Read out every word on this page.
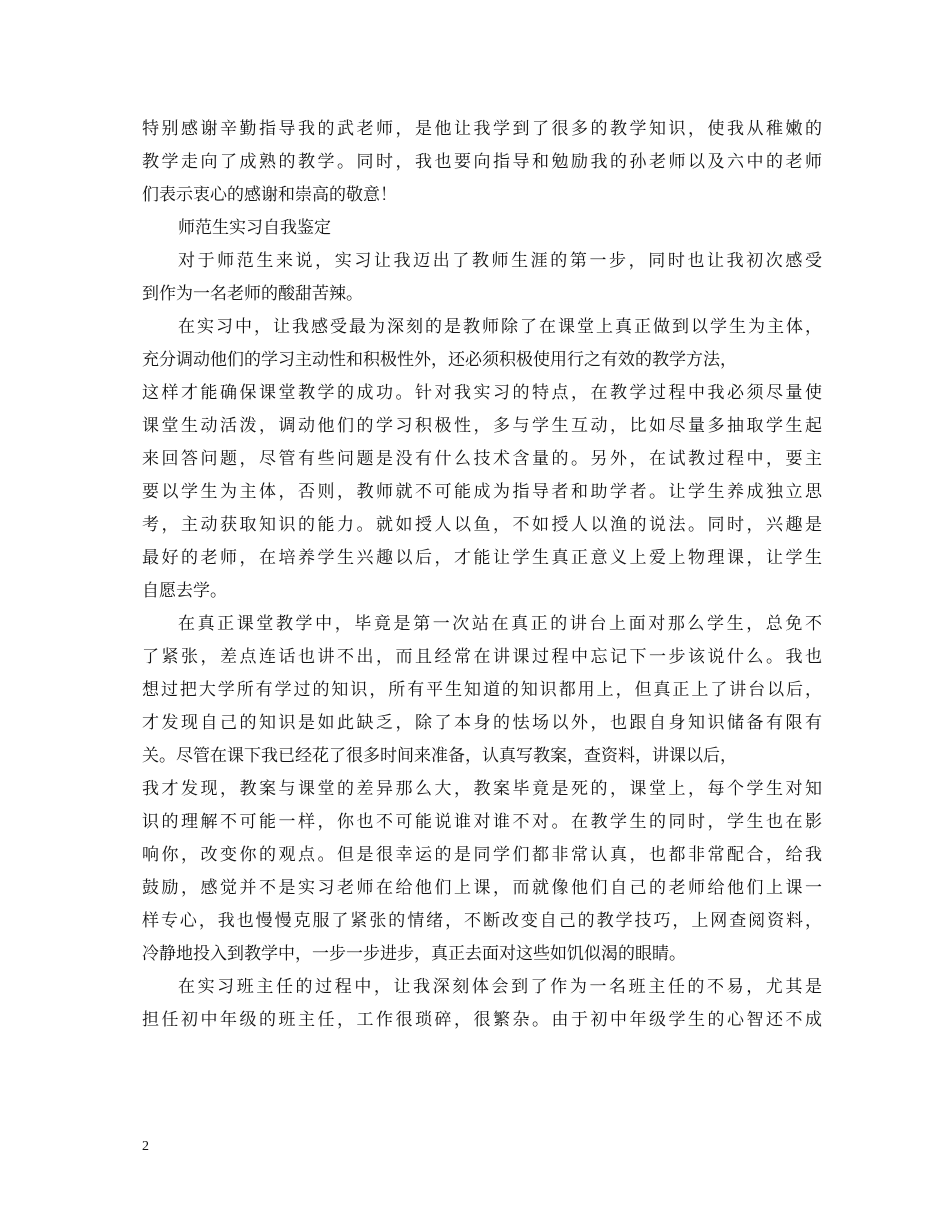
特别感谢辛勤指导我的武老师，是他让我学到了很多的教学知识，使我从稚嫩的
教学走向了成熟的教学。同时，我也要向指导和勉励我的孙老师以及六中的老师
们表示衷心的感谢和崇高的敬意！
师范生实习自我鉴定
对于师范生来说，实习让我迈出了教师生涯的第一步，同时也让我初次感受
到作为一名老师的酸甜苦辣。
在实习中，让我感受最为深刻的是教师除了在课堂上真正做到以学生为主体，
充分调动他们的学习主动性和积极性外，还必须积极使用行之有效的教学方法，
这样才能确保课堂教学的成功。针对我实习的特点，在教学过程中我必须尽量使
课堂生动活泼，调动他们的学习积极性，多与学生互动，比如尽量多抽取学生起
来回答问题，尽管有些问题是没有什么技术含量的。另外，在试教过程中，要主
要以学生为主体，否则，教师就不可能成为指导者和助学者。让学生养成独立思
考，主动获取知识的能力。就如授人以鱼，不如授人以渔的说法。同时，兴趣是
最好的老师，在培养学生兴趣以后，才能让学生真正意义上爱上物理课，让学生
自愿去学。
在真正课堂教学中，毕竟是第一次站在真正的讲台上面对那么学生，总免不
了紧张，差点连话也讲不出，而且经常在讲课过程中忘记下一步该说什么。我也
想过把大学所有学过的知识，所有平生知道的知识都用上，但真正上了讲台以后，
才发现自己的知识是如此缺乏，除了本身的怯场以外，也跟自身知识储备有限有
关。尽管在课下我已经花了很多时间来准备，认真写教案，查资料，讲课以后，
我才发现，教案与课堂的差异那么大，教案毕竟是死的，课堂上，每个学生对知
识的理解不可能一样，你也不可能说谁对谁不对。在教学生的同时，学生也在影
响你，改变你的观点。但是很幸运的是同学们都非常认真，也都非常配合，给我
鼓励，感觉并不是实习老师在给他们上课，而就像他们自己的老师给他们上课一
样专心，我也慢慢克服了紧张的情绪，不断改变自己的教学技巧，上网查阅资料，
冷静地投入到教学中，一步一步进步，真正去面对这些如饥似渴的眼睛。
在实习班主任的过程中，让我深刻体会到了作为一名班主任的不易，尤其是
担任初中年级的班主任，工作很琐碎，很繁杂。由于初中年级学生的心智还不成
2
